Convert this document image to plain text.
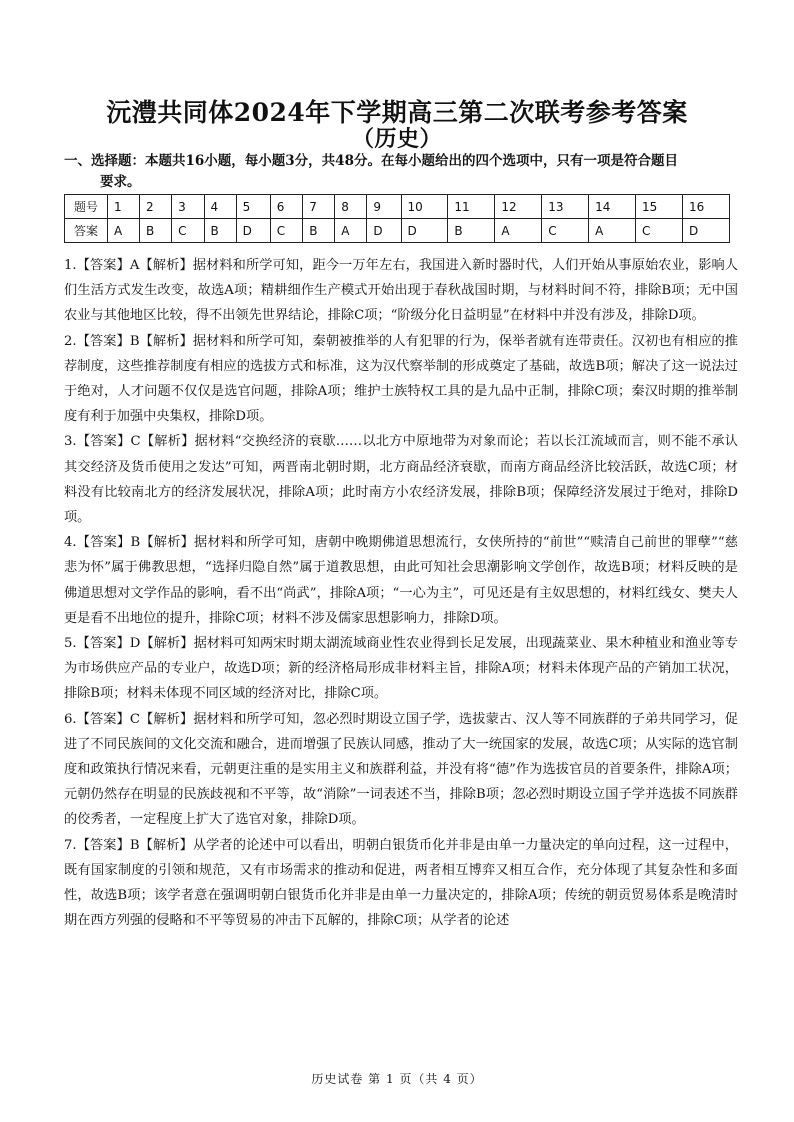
沅澧共同体2024年下学期高三第二次联考参考答案
（历史）
一、选择题：本题共16小题，每小题3分，共48分。在每小题给出的四个选项中，只有一项是符合题目
要求。
题号	1	2	3	4	5	6	7	8	9	10	11	12	13	14	15	16
答案	A	B	C	B	D	C	B	A	D	D	B	A	C	A	C	D

1.【答案】A【解析】据材料和所学可知，距今一万年左右，我国进入新时器时代，人们开始从事原始农业，影响人们生活方式发生改变，故选A项；精耕细作生产模式开始出现于春秋战国时期，与材料时间不符，排除B项；无中国农业与其他地区比较，得不出领先世界结论，排除C项；“阶级分化日益明显”在材料中并没有涉及，排除D项。

2.【答案】B【解析】据材料和所学可知，秦朝被推举的人有犯罪的行为，保举者就有连带责任。汉初也有相应的推荐制度，这些推荐制度有相应的选拔方式和标准，这为汉代察举制的形成奠定了基础，故选B项；解决了这一说法过于绝对，人才问题不仅仅是选官问题，排除A项；维护士族特权工具的是九品中正制，排除C项；秦汉时期的推举制度有利于加强中央集权，排除D项。

3.【答案】C【解析】据材料“交换经济的衰歇……以北方中原地带为对象而论；若以长江流域而言，则不能不承认其交经济及货币使用之发达”可知，两晋南北朝时期，北方商品经济衰歇，而南方商品经济比较活跃，故选C项；材料没有比较南北方的经济发展状况，排除A项；此时南方小农经济发展，排除B项；保障经济发展过于绝对，排除D项。

4.【答案】B【解析】据材料和所学可知，唐朝中晚期佛道思想流行，女侠所持的“前世”“赎清自己前世的罪孽”“慈悲为怀”属于佛教思想，“选择归隐自然”属于道教思想，由此可知社会思潮影响文学创作，故选B项；材料反映的是佛道思想对文学作品的影响，看不出“尚武”，排除A项；“一心为主”，可见还是有主奴思想的，材料红线女、樊夫人更是看不出地位的提升，排除C项；材料不涉及儒家思想影响力，排除D项。

5.【答案】D【解析】据材料可知两宋时期太湖流域商业性农业得到长足发展，出现蔬菜业、果木种植业和渔业等专为市场供应产品的专业户，故选D项；新的经济格局形成非材料主旨，排除A项；材料未体现产品的产销加工状况，排除B项；材料未体现不同区域的经济对比，排除C项。

6.【答案】C【解析】据材料和所学可知，忽必烈时期设立国子学，选拔蒙古、汉人等不同族群的子弟共同学习，促进了不同民族间的文化交流和融合，进而增强了民族认同感，推动了大一统国家的发展，故选C项；从实际的选官制度和政策执行情况来看，元朝更注重的是实用主义和族群利益，并没有将“德”作为选拔官员的首要条件，排除A项；元朝仍然存在明显的民族歧视和不平等，故“消除”一词表述不当，排除B项；忽必烈时期设立国子学并选拔不同族群的佼秀者，一定程度上扩大了选官对象，排除D项。

7.【答案】B【解析】从学者的论述中可以看出，明朝白银货币化并非是由单一力量决定的单向过程，这一过程中，既有国家制度的引领和规范，又有市场需求的推动和促进，两者相互博弈又相互合作，充分体现了其复杂性和多面性，故选B项；该学者意在强调明朝白银货币化并非是由单一力量决定的，排除A项；传统的朝贡贸易体系是晚清时期在西方列强的侵略和不平等贸易的冲击下瓦解的，排除C项；从学者的论述

历史试卷 第 1 页（共 4 页）
